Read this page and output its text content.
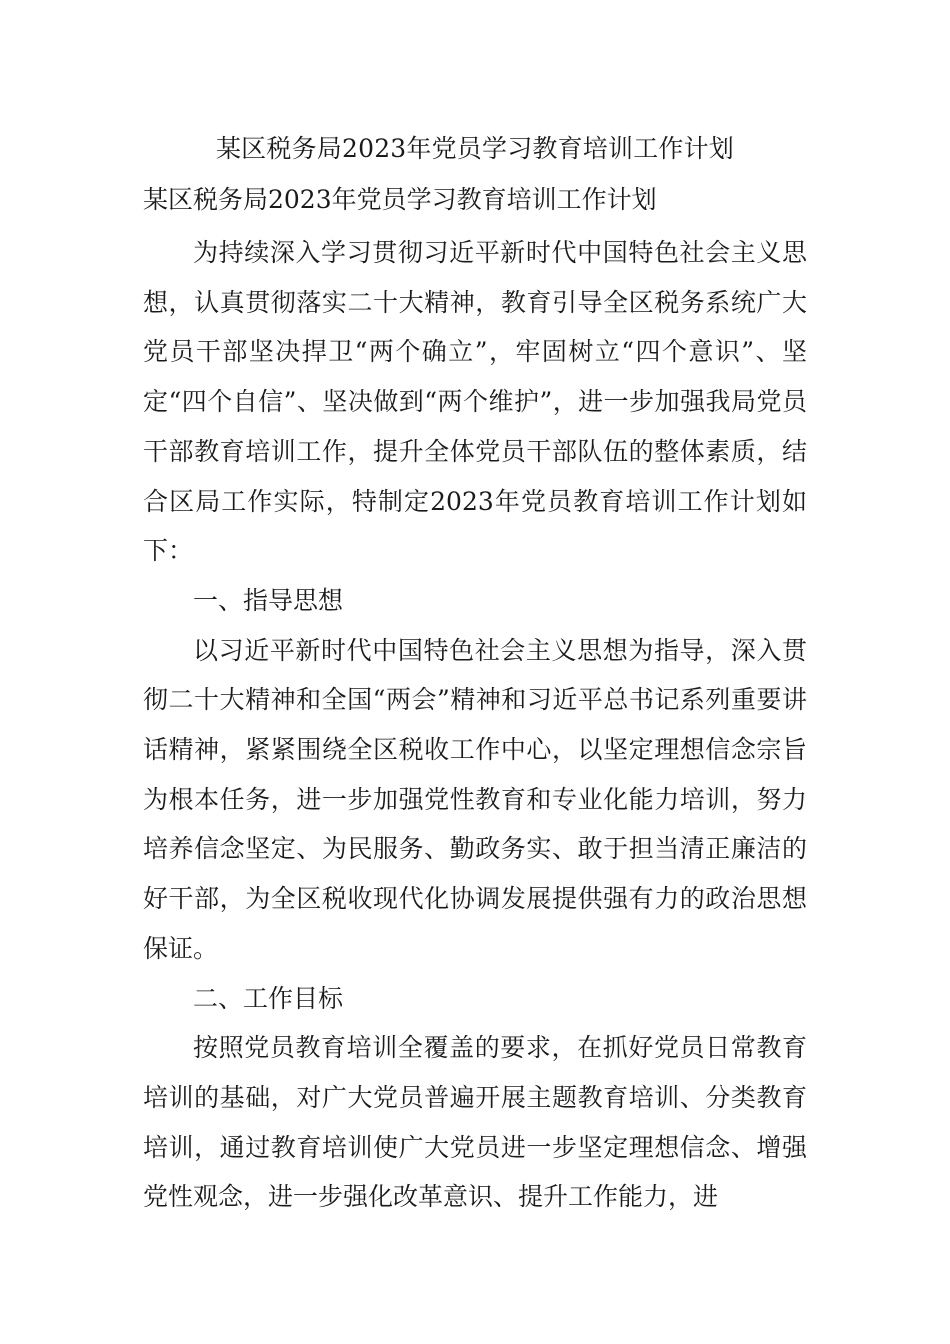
某区税务局2023年党员学习教育培训工作计划
某区税务局2023年党员学习教育培训工作计划

为持续深入学习贯彻习近平新时代中国特色社会主义思想，认真贯彻落实二十大精神，教育引导全区税务系统广大党员干部坚决捍卫“两个确立”，牢固树立“四个意识”、坚定“四个自信”、坚决做到“两个维护”，进一步加强我局党员干部教育培训工作，提升全体党员干部队伍的整体素质，结合区局工作实际，特制定2023年党员教育培训工作计划如下：

一、指导思想

以习近平新时代中国特色社会主义思想为指导，深入贯彻二十大精神和全国“两会”精神和习近平总书记系列重要讲话精神，紧紧围绕全区税收工作中心，以坚定理想信念宗旨为根本任务，进一步加强党性教育和专业化能力培训，努力培养信念坚定、为民服务、勤政务实、敢于担当清正廉洁的好干部，为全区税收现代化协调发展提供强有力的政治思想保证。

二、工作目标

按照党员教育培训全覆盖的要求，在抓好党员日常教育培训的基础，对广大党员普遍开展主题教育培训、分类教育培训，通过教育培训使广大党员进一步坚定理想信念、增强党性观念，进一步强化改革意识、提升工作能力，进
